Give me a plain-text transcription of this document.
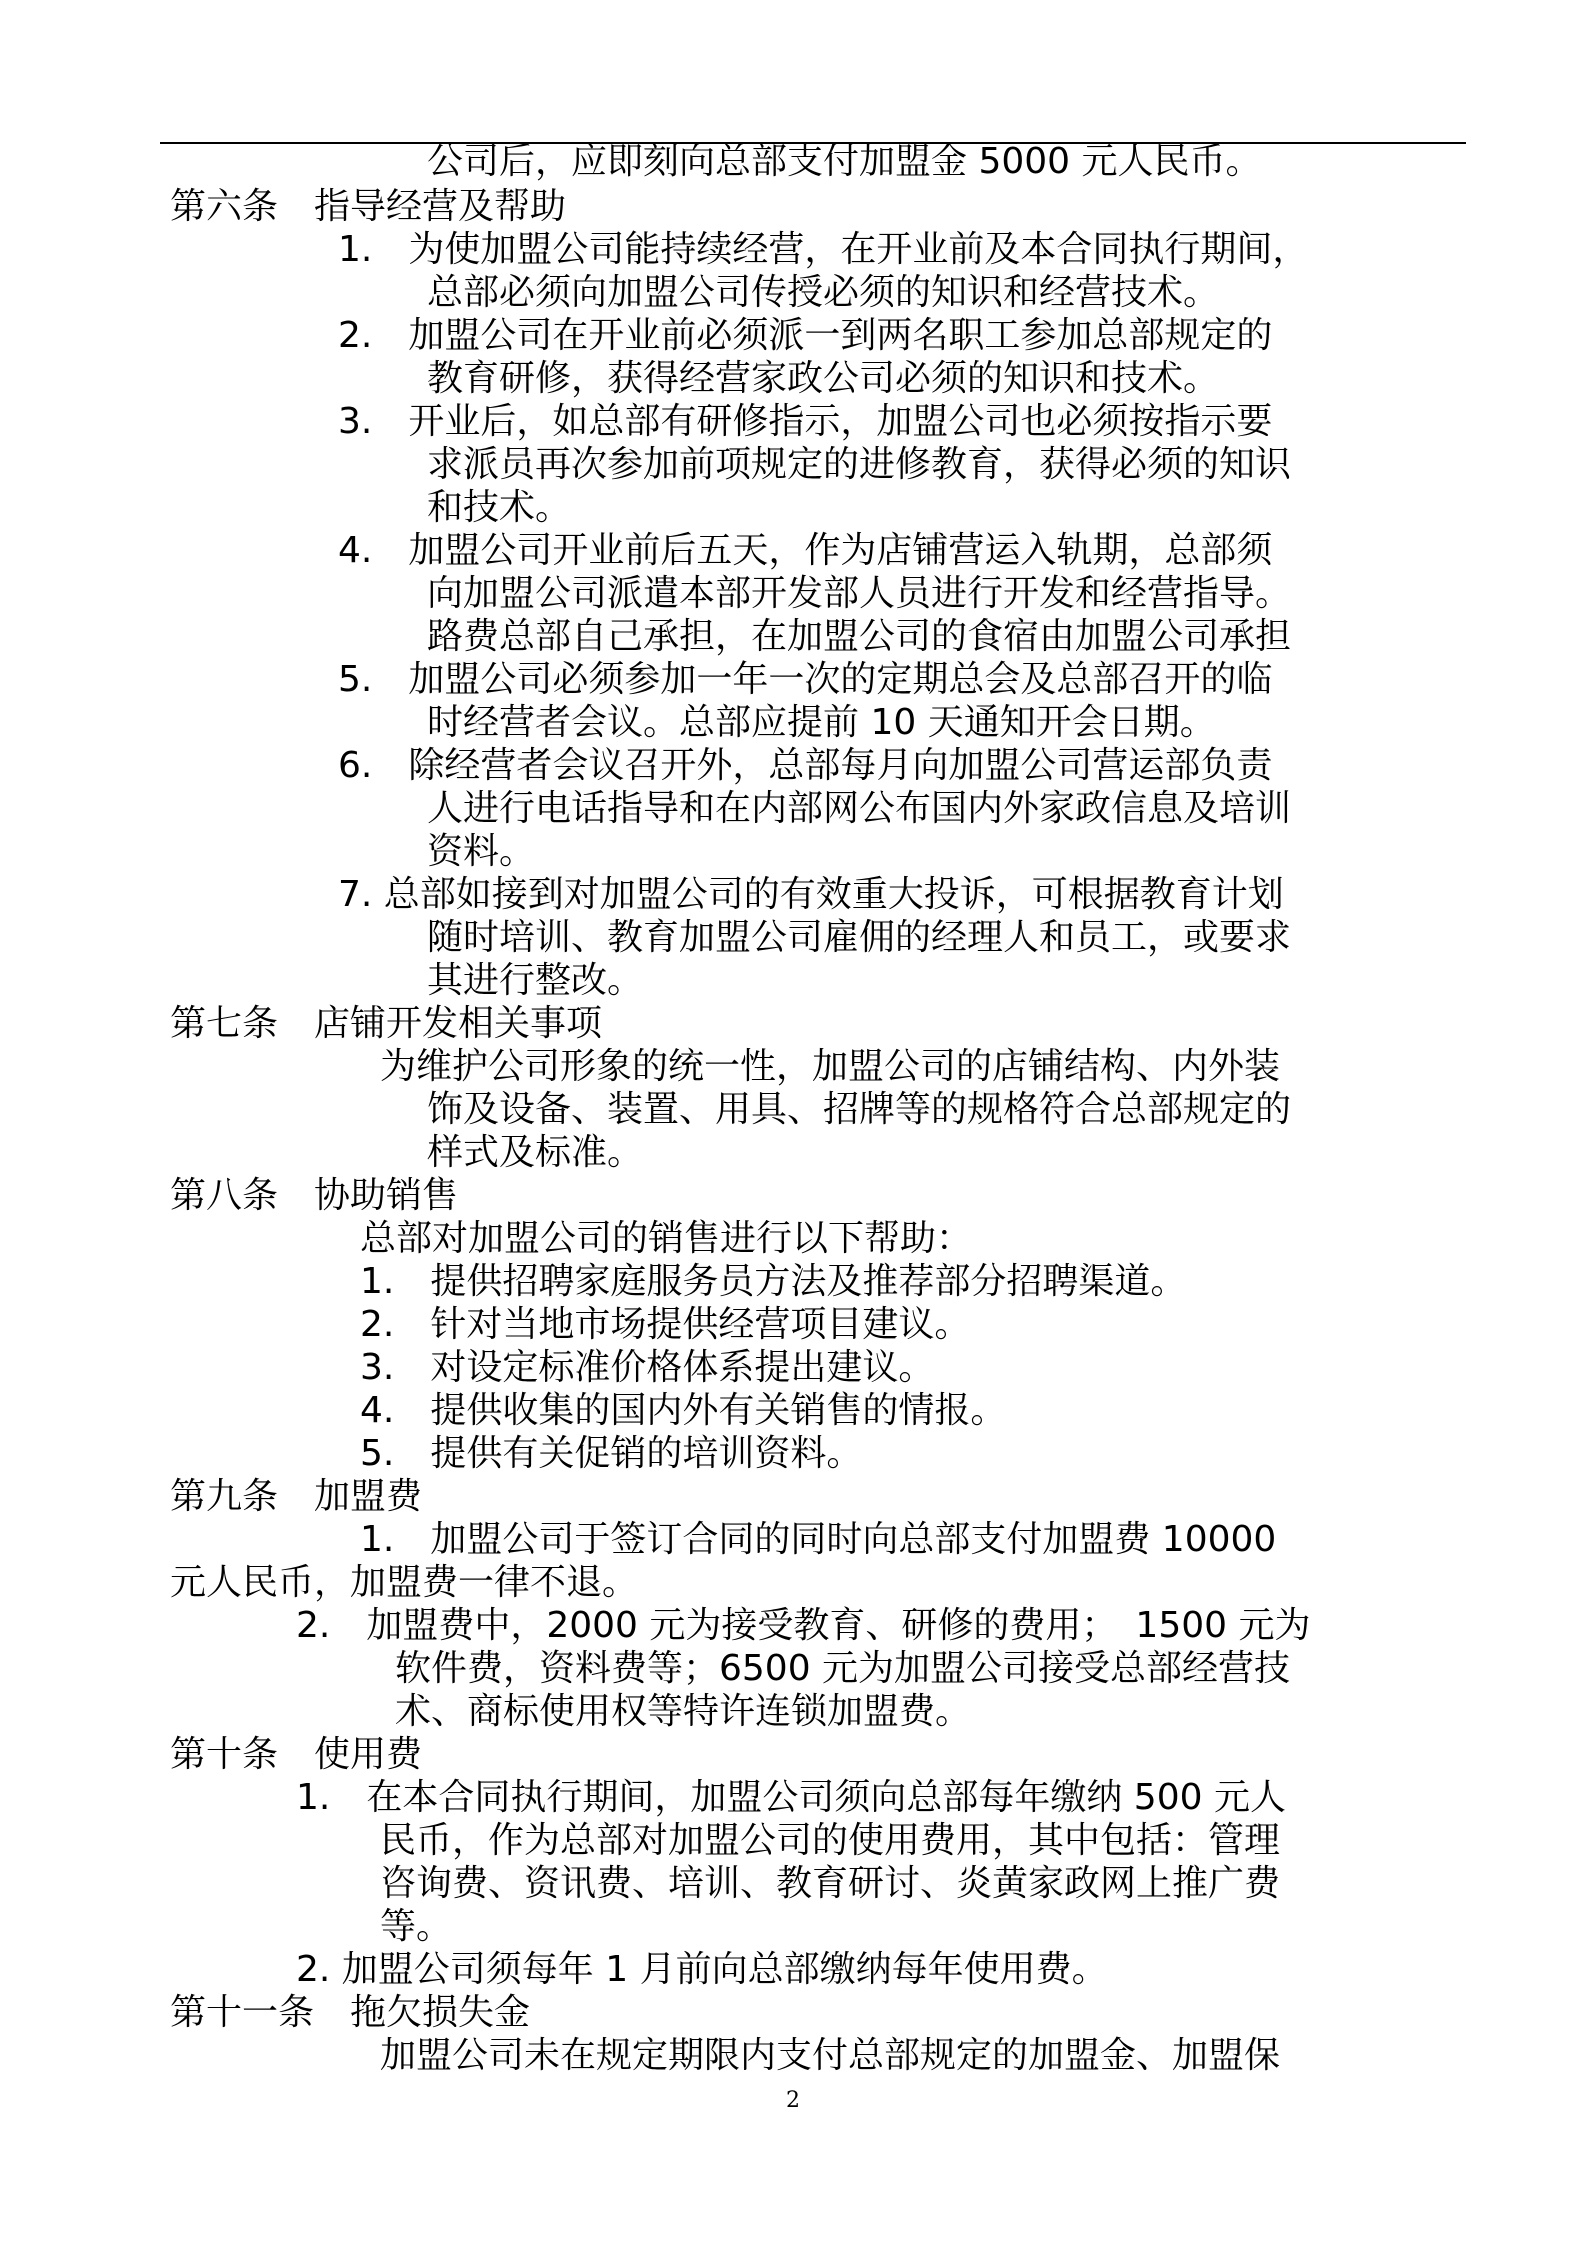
公司后，应即刻向总部支付加盟金 5000 元人民币。
第六条　指导经营及帮助
1.　为使加盟公司能持续经营，在开业前及本合同执行期间，
总部必须向加盟公司传授必须的知识和经营技术。
2.　加盟公司在开业前必须派一到两名职工参加总部规定的
教育研修，获得经营家政公司必须的知识和技术。
3.　开业后，如总部有研修指示，加盟公司也必须按指示要
求派员再次参加前项规定的进修教育，获得必须的知识
和技术。
4.　加盟公司开业前后五天，作为店铺营运入轨期，总部须
向加盟公司派遣本部开发部人员进行开发和经营指导。
路费总部自己承担，在加盟公司的食宿由加盟公司承担
5.　加盟公司必须参加一年一次的定期总会及总部召开的临
时经营者会议。总部应提前 10 天通知开会日期。
6.　除经营者会议召开外，总部每月向加盟公司营运部负责
人进行电话指导和在内部网公布国内外家政信息及培训
资料。
7. 总部如接到对加盟公司的有效重大投诉，可根据教育计划
随时培训、教育加盟公司雇佣的经理人和员工，或要求
其进行整改。
第七条　店铺开发相关事项
为维护公司形象的统一性，加盟公司的店铺结构、内外装
饰及设备、装置、用具、招牌等的规格符合总部规定的
样式及标准。
第八条　协助销售
总部对加盟公司的销售进行以下帮助：
1.　提供招聘家庭服务员方法及推荐部分招聘渠道。
2.　针对当地市场提供经营项目建议。
3.　对设定标准价格体系提出建议。
4.　提供收集的国内外有关销售的情报。
5.　提供有关促销的培训资料。
第九条　加盟费
1.　加盟公司于签订合同的同时向总部支付加盟费 10000
元人民币，加盟费一律不退。
2.　加盟费中，2000 元为接受教育、研修的费用；　1500 元为
软件费，资料费等；6500 元为加盟公司接受总部经营技
术、商标使用权等特许连锁加盟费。
第十条　使用费
1.　在本合同执行期间，加盟公司须向总部每年缴纳 500 元人
民币，作为总部对加盟公司的使用费用，其中包括：管理
咨询费、资讯费、培训、教育研讨、炎黄家政网上推广费
等。
2. 加盟公司须每年 1 月前向总部缴纳每年使用费。
第十一条　拖欠损失金
加盟公司未在规定期限内支付总部规定的加盟金、加盟保
2
